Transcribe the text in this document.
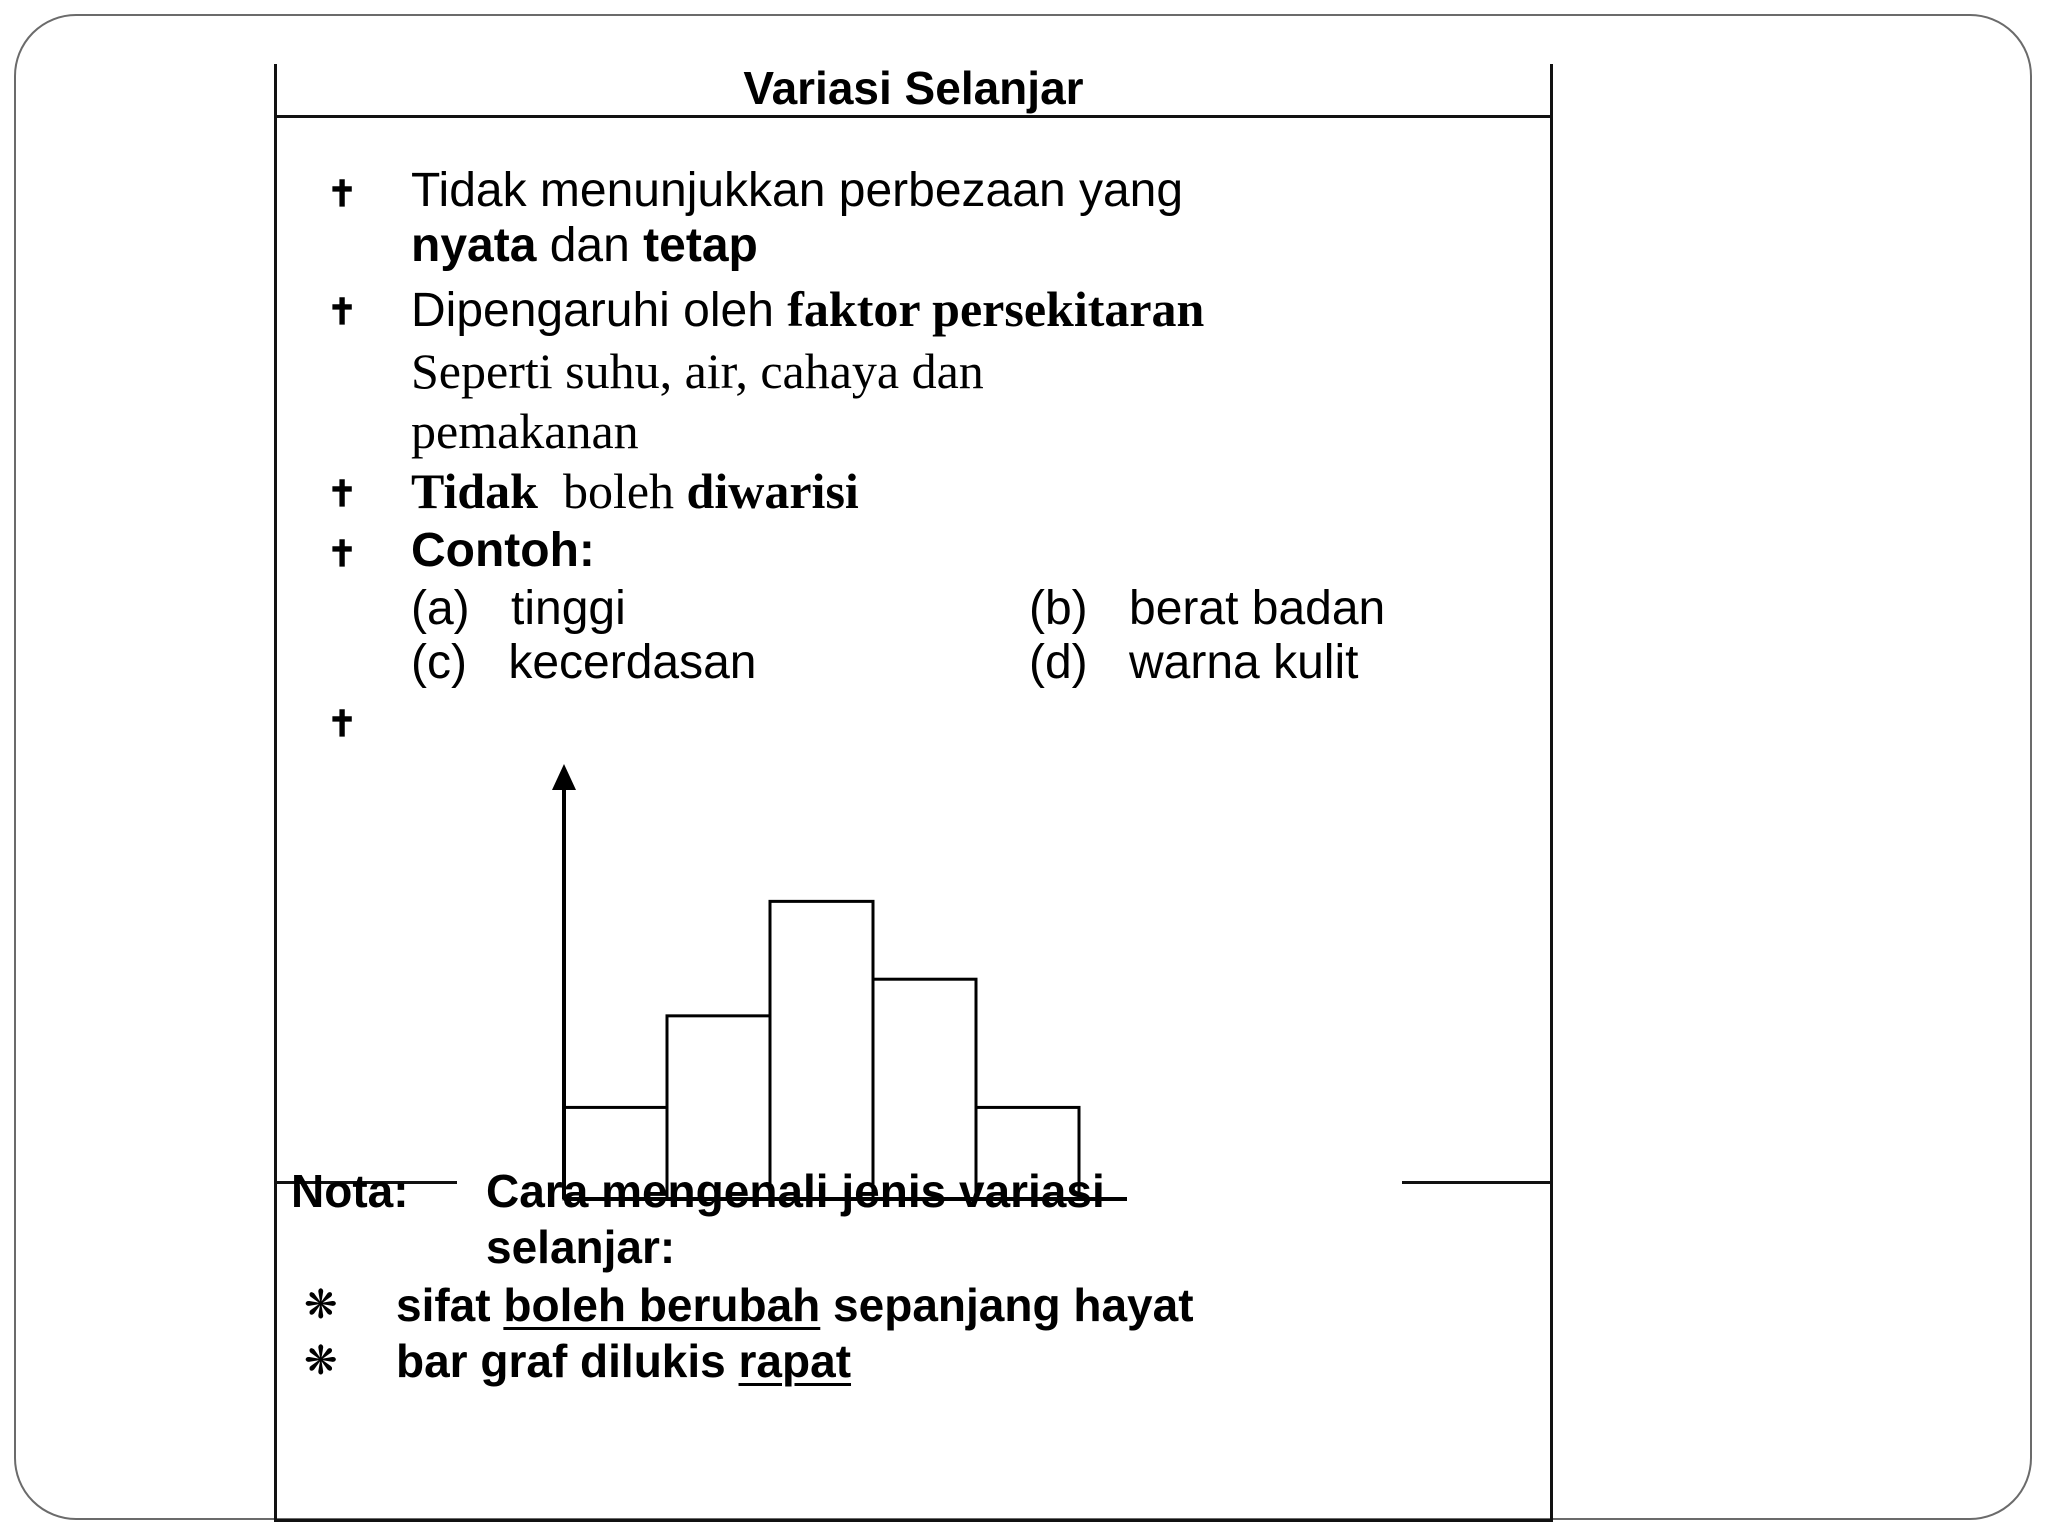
Variasi Selanjar
✝ Tidak menunjukkan perbezaan yang
nyata dan tetap
✝ Dipengaruhi oleh faktor persekitaran
Seperti suhu, air, cahaya dan
pemakanan
✝ Tidak  boleh diwarisi
✝ Contoh:
(a) tinggi	(b) berat badan
(c) kecerdasan	(d) warna kulit
✝
Nota: Cara mengenali jenis variasi
selanjar:
❋ sifat boleh berubah sepanjang hayat
❋ bar graf dilukis rapat
